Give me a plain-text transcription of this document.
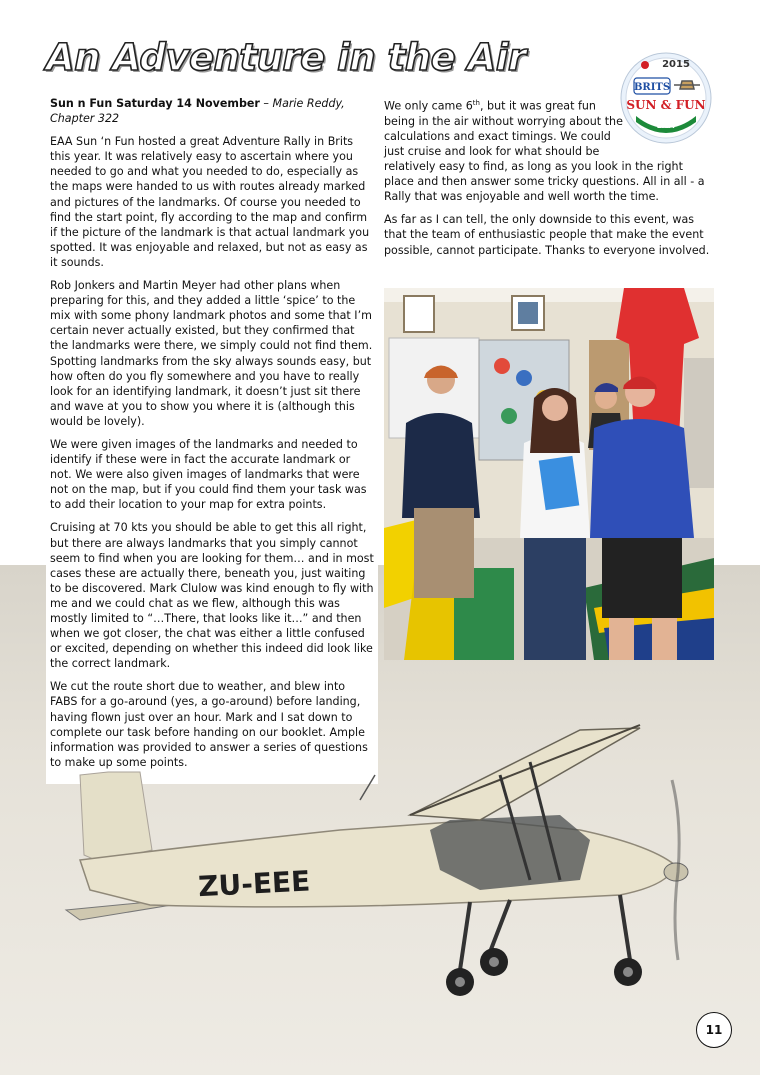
An Adventure in the Air	2015
BRITS
SUN & FUN
EAA

Sun n Fun Saturday 14 November – Marie Reddy, Chapter 322

EAA Sun ‘n Fun hosted a great Adventure Rally in Brits this year. It was relatively easy to ascertain where you needed to go and what you needed to do, especially as the maps were handed to us with routes already marked and pictures of the landmarks. Of course you needed to find the start point, fly according to the map and confirm if the picture of the landmark is that actual landmark you spotted. It was enjoyable and relaxed, but not as easy as it sounds.

Rob Jonkers and Martin Meyer had other plans when preparing for this, and they added a little ‘spice’ to the mix with some phony landmark photos and some that I’m certain never actually existed, but they confirmed that the landmarks were there, we simply could not find them. Spotting landmarks from the sky always sounds easy, but how often do you fly somewhere and you have to really look for an identifying landmark, it doesn’t just sit there and wave at you to show you where it is (although this would be lovely).

We were given images of the landmarks and needed to identify if these were in fact the accurate landmark or not. We were also given images of landmarks that were not on the map, but if you could find them your task was to add their location to your map for extra points.

Cruising at 70 kts you should be able to get this all right, but there are always landmarks that you simply cannot seem to find when you are looking for them… and in most cases these are actually there, beneath you, just waiting to be discovered. Mark Clulow was kind enough to fly with me and we could chat as we flew, although this was mostly limited to “…There, that looks like it…” and then when we got closer, the chat was either a little confused or excited, depending on whether this indeed did look like the correct landmark.

We cut the route short due to weather, and blew into FABS for a go-around (yes, a go-around) before landing, having flown just over an hour. Mark and I sat down to complete our task before handing on our booklet. Ample information was provided to answer a series of questions to make up some points.

We only came 6th, but it was great fun
being in the air without worrying about the
calculations and exact timings. We could
just cruise and look for what should be
relatively easy to find, as long as you look in the right place and then answer some tricky questions. All in all - a Rally that was enjoyable and well worth the time.

As far as I can tell, the only downside to this event, was that the team of enthusiastic people that make the event possible, cannot participate. Thanks to everyone involved.

ZU-EEE
11
